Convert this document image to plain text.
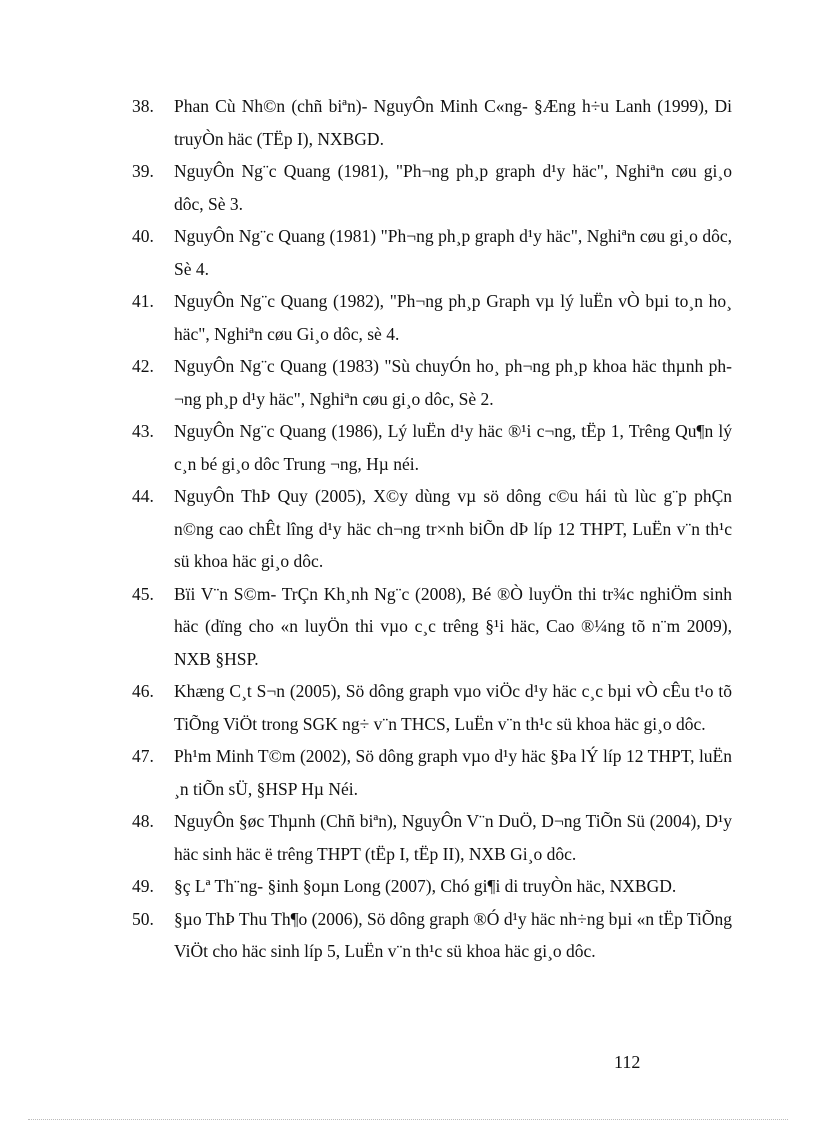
38.	Phan Cù Nh©n (chñ biªn)- NguyÔn Minh C«ng- §Æng h÷u Lanh (1999), Di truyÒn häc (TËp I), NXBGD.
39.	NguyÔn Ng¨c Quang (1981), "Ph¬ng ph¸p graph d¹y häc", Nghiªn cøu gi¸o dôc, Sè 3.
40.	NguyÔn Ng¨c Quang (1981) "Ph¬ng ph¸p graph d¹y häc", Nghiªn cøu gi¸o dôc, Sè 4.
41.	NguyÔn Ng¨c Quang (1982), "Ph¬ng ph¸p Graph vµ lý luËn vÒ bµi to¸n ho¸ häc", Nghiªn cøu Gi¸o dôc, sè 4.
42.	NguyÔn Ng¨c Quang (1983) "Sù chuyÓn ho¸ ph¬ng ph¸p khoa häc thµnh ph¬ng ph¸p d¹y häc", Nghiªn cøu gi¸o dôc, Sè 2.
43.	NguyÔn Ng¨c Quang (1986), Lý luËn d¹y häc ®¹i c¬ng, tËp 1, Trêng Qu¶n lý c¸n bé gi¸o dôc Trung ¬ng, Hµ néi.
44.	NguyÔn ThÞ Quy (2005), X©y dùng vµ sö dông c©u hái tù lùc g¨p phÇn n©ng cao chÊt lîng d¹y häc ch¬ng tr×nh biÕn dÞ líp 12 THPT, LuËn v¨n th¹c sü khoa häc gi¸o dôc.
45.	Bïi V¨n S©m- TrÇn Kh¸nh Ng¨c (2008), Bé ®Ò luyÖn thi tr¾c nghiÖm sinh häc (dïng cho «n luyÖn thi vµo c¸c trêng §¹i häc, Cao ®¼ng tõ n¨m 2009), NXB §HSP.
46.	Khæng C¸t S¬n (2005), Sö dông graph vµo viÖc d¹y häc c¸c bµi vÒ cÊu t¹o tõ TiÕng ViÖt trong SGK ng÷ v¨n THCS, LuËn v¨n th¹c sü khoa häc gi¸o dôc.
47.	Ph¹m Minh T©m (2002), Sö dông graph vµo d¹y häc §Þa lÝ líp 12 THPT, luËn ¸n tiÕn sÜ, §HSP Hµ Néi.
48.	NguyÔn §øc Thµnh (Chñ biªn), NguyÔn V¨n DuÖ, D¬ng TiÕn Sü (2004), D¹y häc sinh häc ë trêng THPT (tËp I, tËp II), NXB Gi¸o dôc.
49.	§ç Lª Th¨ng- §inh §oµn Long (2007), Chó gi¶i di truyÒn häc, NXBGD.
50.	§µo ThÞ Thu Th¶o (2006), Sö dông graph ®Ó d¹y häc nh÷ng bµi «n tËp TiÕng ViÖt cho häc sinh líp 5, LuËn v¨n th¹c sü khoa häc gi¸o dôc.
112
